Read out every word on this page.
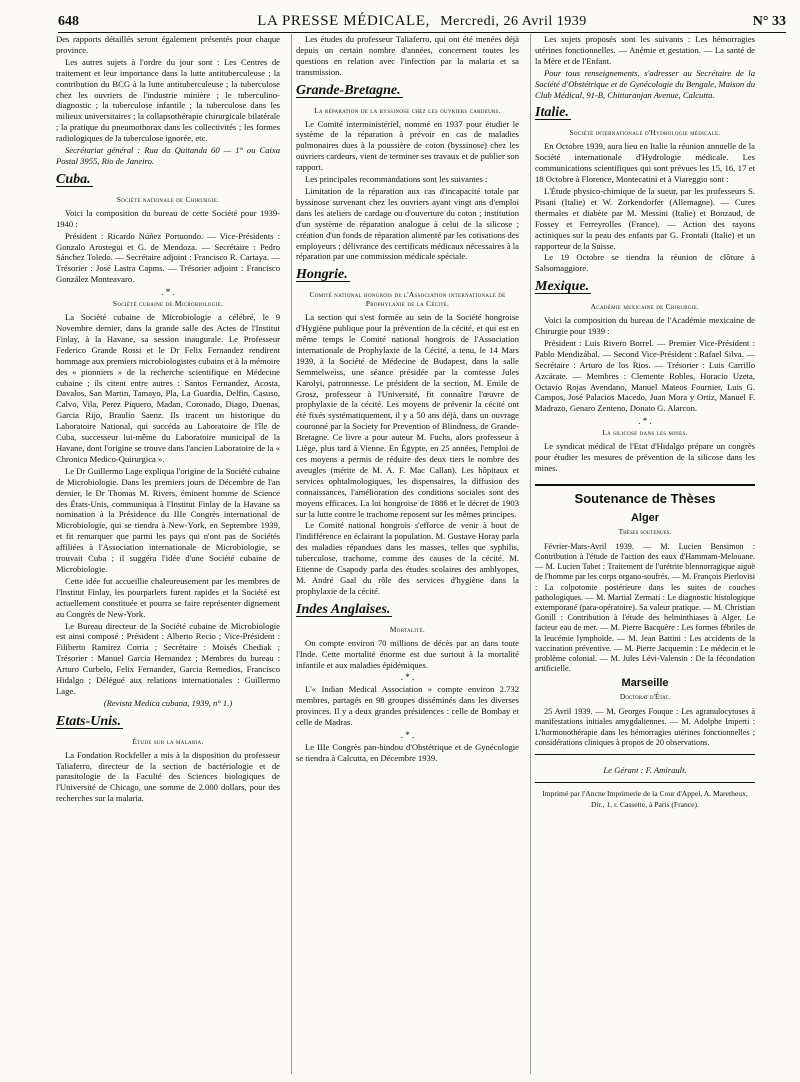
648	LA PRESSE MÉDICALE, Mercredi, 26 Avril 1939	N° 33

Des rapports détaillés seront également présentés pour chaque province.

Les autres sujets à l'ordre du jour sont : Les Centres de traitement et leur importance dans la lutte antituberculeuse ; la contribution du BCG à la lutte antituberculeuse ; la tuberculose chez les ouvriers de l'industrie minière ; le tuberculino-diagnostic ; la tuberculose infantile ; la tuberculose dans les milieux universitaires ; la collapsothérapie chirurgicale bilatérale ; la pratique du pneumothorax dans les collectivités ; les formes radiologiques de la tuberculose ignorée, etc.

Secrétariat général : Rua da Quitanda 60 — 1° ou Caixa Postal 3955, Rio de Janeiro.

Cuba.
Société nationale de Chirurgie.

Voici la composition du bureau de cette Société pour 1939-1940 :

Président : Ricardo Núñez Portuondo. — Vice-Présidents : Gonzalo Arostegui et G. de Mendoza. — Secrétaire : Pedro Sánchez Toledo. — Secrétaire adjoint : Francisco R. Cartaya. — Trésorier : José Lastra Capms. — Trésorier adjoint : Francisco González Monteavaro.

. * .
Société cubaine de Microbiologie.

La Société cubaine de Microbiologie a célébré, le 9 Novembre dernier, dans la grande salle des Actes de l'Institut Finlay, à la Havane, sa session inaugurale. Le Professeur Federico Grande Rossi et le Dr Felix Fernandez rendirent hommage aux premiers microbiologistes cubains et à la mémoire des « pionniers » de la recherche scientifique en Médecine cubaine ; ils citent entre autres : Santos Fernandez, Acosta, Davalos, San Martin, Tamayo, Pla, La Guardia, Delfin, Casuso, Calvo, Vila, Perez Piquero, Madan, Coronado, Diago, Duenas, Garcia Rijo, Braulio Saenz. Ils tracent un historique du Laboratoire National, qui succéda au Laboratoire de l'île de Cuba, successeur lui-même du Laboratoire municipal de la Havane, dont l'origine se trouve dans l'ancien Laboratoire de la « Chronica Medico-Quirurgica ».

Le Dr Guillermo Lage expliqua l'origine de la Société cubaine de Microbiologie. Dans les premiers jours de Décembre de l'an dernier, le Dr Thomas M. Rivers, éminent homme de Science des États-Unis, communiqua à l'Institut Finlay de la Havane sa nomination à la Présidence du IIIe Congrès international de Microbiologie, qui se tiendra à New-York, en Septembre 1939, et fit remarquer que parmi les pays qui n'ont pas de Sociétés affiliées à l'Association internationale de Microbiologie, se trouvait Cuba ; il suggéra l'idée d'une Société cubaine de Microbiologie.

Cette idée fut accueillie chaleureusement par les membres de l'Institut Finlay, les pourparlers furent rapides et la Société est actuellement constituée et pourra se faire représenter dignement au Congrès de New-York.

Le Bureau directeur de la Société cubaine de Microbiologie est ainsi composé : Président : Alberto Recio ; Vice-Président : Filiberto Ramirez Corria ; Secrétaire : Moisés Chediak ; Trésorier : Manuel Garcia Hernandez ; Membres du bureau : Arturo Curbelo, Felix Fernandez, Garcia Remedios, Francisco Hidalgo ; Délégué aux relations internationales : Guillermo Lage.

(Revista Medica cubana, 1939, n° 1.)

Etats-Unis.
Étude sur la malaria.

La Fondation Rockfeller a mis à la disposition du professeur Taliaferro, directeur de la section de bactériologie et de parasitologie de la Faculté des Sciences biologiques de l'Université de Chicago, une somme de 2.000 dollars, pour des recherches sur la malaria.

Les études du professeur Taliaferro, qui ont été menées déjà depuis un certain nombre d'années, concernent toutes les questions en relation avec l'infection par la malaria et sa transmission.

Grande-Bretagne.
La réparation de la byssinose chez les ouvriers cardeurs.

Le Comité interministériel, nommé en 1937 pour étudier le système de la réparation à prévoir en cas de maladies pulmonaires dues à la poussière de coton (byssinose) chez les ouvriers cardeurs, vient de terminer ses travaux et de publier son rapport.

Les principales recommandations sont les suivantes :

Limitation de la réparation aux cas d'incapacité totale par byssinose survenant chez les ouvriers ayant vingt ans d'emploi dans les ateliers de cardage ou d'ouverture du coton ; institution d'un système de réparation analogue à celui de la silicose ; création d'un fonds de réparation alimenté par les cotisations des employeurs ; délivrance des certificats médicaux nécessaires à la réparation par une commission médicale spéciale.

Hongrie.
Comité national hongrois de l'Association internationale de Prophylaxie de la Cécité.

La section qui s'est formée au sein de la Société hongroise d'Hygiène publique pour la prévention de la cécité, et qui est en même temps le Comité national hongrois de l'Association internationale de Prophylaxie de la Cécité, a tenu, le 14 Mars 1939, à la Société de Médecine de Budapest, dans la salle Semmelweiss, une séance présidée par la comtesse Jules Karolyi, patronnesse. Le président de la section, M. Emile de Grosz, professeur à l'Université, fit connaître l'œuvre de prophylaxie de la cécité. Les moyens de prévenir la cécité ont été fixés systématiquement, il y a 50 ans déjà, dans un ouvrage couronné par la Society for Prevention of Blindness, de Grande-Bretagne. Ce livre a pour auteur M. Fuchs, alors professeur à Liège, plus tard à Vienne. En Égypte, en 25 années, l'emploi de ces moyens a permis de réduire des deux tiers le nombre des aveugles (mérite de M. A. F. Mac Callan). Les hôpitaux et services ophtalmologiques, les dispensaires, la diffusion des connaissances, l'amélioration des conditions sociales sont des moyens efficaces. La loi hongroise de 1886 et le décret de 1903 sur la lutte contre le trachome reposent sur les mêmes principes.

Le Comité national hongrois s'efforce de venir à bout de l'indifférence en éclairant la population. M. Gustave Horay parla des maladies répandues dans les masses, telles que syphilis, tuberculose, trachome, comme des causes de la cécité. M. Etienne de Csapody parla des études scolaires des amblyopes, M. André Gaal du rôle des services d'hygiène dans la prophylaxie de la cécité.

Indes Anglaises.
Mortalité.

On compte environ 70 millions de décès par an dans toute l'Inde. Cette mortalité énorme est due surtout à la mortalité infantile et aux maladies épidémiques.

. * .

L'« Indian Medical Association » compte environ 2.732 membres, partagés en 98 groupes disséminés dans les diverses provinces. Il y a deux grandes présidences : celle de Bombay et celle de Madras.

. * .

Le IIIe Congrès pan-hindou d'Obstétrique et de Gynécologie se tiendra à Calcutta, en Décembre 1939.

Les sujets proposés sont les suivants : Les hémorragies utérines fonctionnelles. — Anémie et gestation. — La santé de la Mère et de l'Enfant.

Pour tous renseignements, s'adresser au Secrétaire de la Société d'Obstétrique et de Gynécologie du Bengale, Maison du Club Médical, 91-B, Chittaranjan Avenue, Calcutta.

Italie.
Société internationale d'Hydrologie médicale.

En Octobre 1939, aura lieu en Italie la réunion annuelle de la Société internationale d'Hydrologie médicale. Les communications scientifiques qui sont prévues les 15, 16, 17 et 18 Octobre à Florence, Montecatini et à Viareggio sont :

L'Étude physico-chimique de la sueur, par les professeurs S. Pisani (Italie) et W. Zorkendorfer (Allemagne). — Cures thermales et diabète par M. Messini (Italie) et Bonzaud, de Fossey et Ferreyrolles (France). — Action des rayons actiniques sur la peau des enfants par G. Frontali (Italie) et un rapporteur de la Suisse.

Le 19 Octobre se tiendra la réunion de clôture à Salsomaggiore.

Mexique.
Académie mexicaine de Chirurgie.

Voici la composition du bureau de l'Académie mexicaine de Chirurgie pour 1939 :

Président : Luis Rivero Borrel. — Premier Vice-Président : Pablo Mendizábal. — Second Vice-Président : Rafael Silva. — Secrétaire : Arturo de los Rios. — Trésorier : Luis Carrillo Azcárate. — Membres : Clemente Robles, Horacio Uzeta, Octavio Rojas Avendano, Manuel Mateos Fournier, Luis G. Campos, José Palacios Macedo, Juan Mora y Ortiz, Manuel F. Madrazo, Genaro Zenteno, Donato G. Alarcon.

. * .
La silicose dans les mines.

Le syndicat médical de l'Etat d'Hidalgo prépare un congrès pour étudier les mesures de prévention de la silicose dans les mines.

Soutenance de Thèses
Alger
Thèses soutenues.

Février-Mars-Avril 1939. — M. Lucien Bensimon : Contribution à l'étude de l'action des eaux d'Hammam-Melouane. — M. Lucien Tabet : Traitement de l'urétrite blennorragique aiguë de l'homme par les corps organo-soufrés. — M. François Pierlovisi : La colpotomie postérieure dans les suites de couches pathologiques. — M. Martial Zermati : Le diagnostic histologique extemporané (para-opératoire). Sa valeur pratique. — M. Christian Gonill : Contribution à l'étude des helminthiases à Alger. Le facteur eau de mer. — M. Pierre Bacquère : Les formes fébriles de la leucémie lymphoïde. — M. Jean Battini : Les accidents de la vaccination préventive. — M. Pierre Jacquemin : Le médecin et le problème colonial. — M. Jules Lévi-Valensin : De la fécondation artificielle.

Marseille
Doctorat d'État.

25 Avril 1939. — M. Georges Fouque : Les agranulocytoses à manifestations initiales amygdaliennes. — M. Adolphe Imperti : L'hormonothérapie dans les hémorragies utérines fonctionnelles ; considérations cliniques à propos de 20 observations.

Le Gérant : F. Amirault.
Imprimé par l'Ancne Imprimerie de la Cour d'Appel, A. Maretheux, Dir., 1, r. Cassette, à Paris (France).
